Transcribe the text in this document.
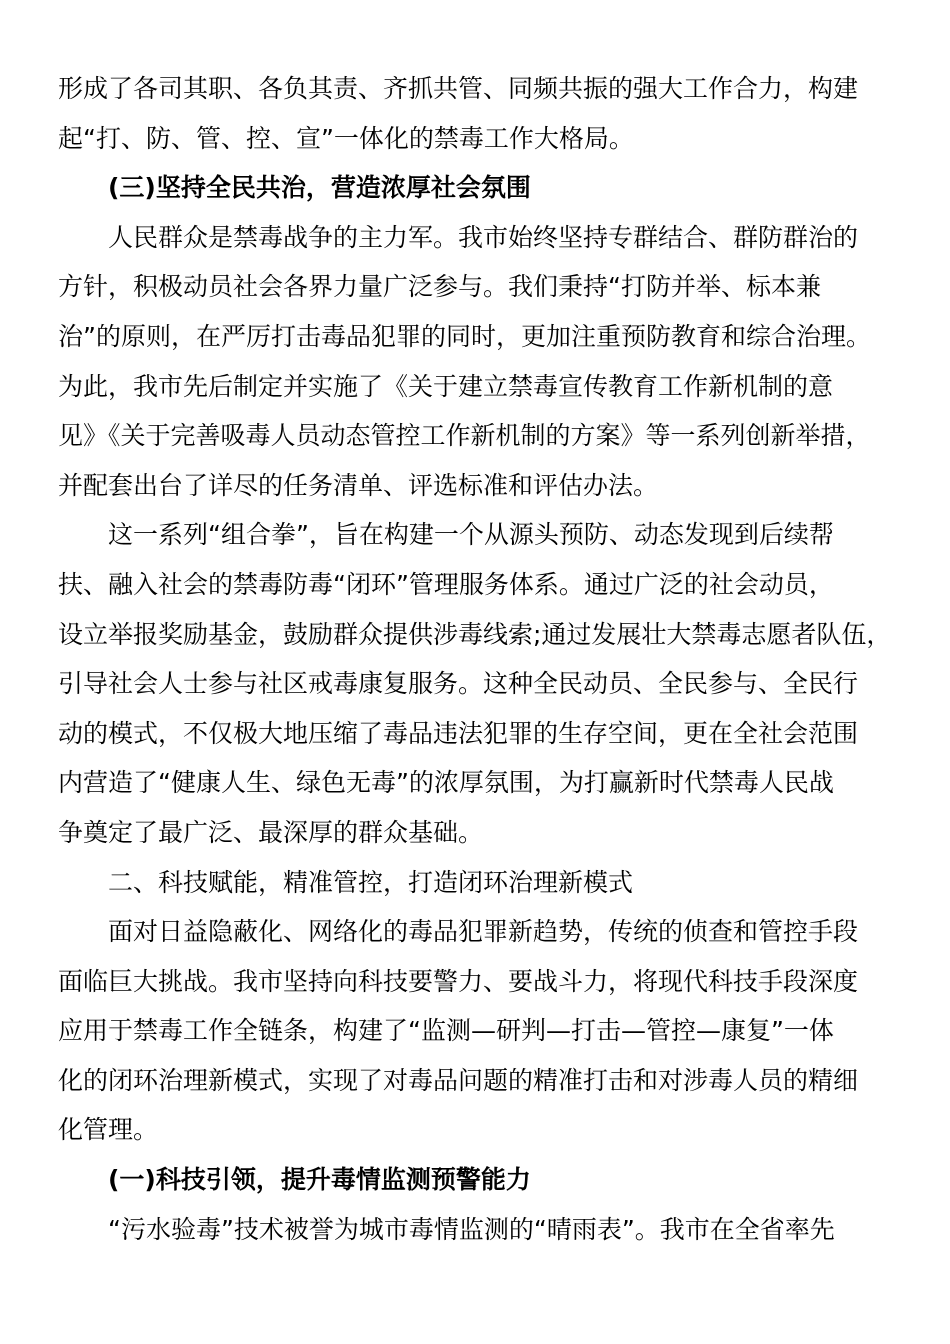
形成了各司其职、各负其责、齐抓共管、同频共振的强大工作合力，构建
起“打、防、管、控、宣”一体化的禁毒工作大格局。
(三)坚持全民共治，营造浓厚社会氛围
人民群众是禁毒战争的主力军。我市始终坚持专群结合、群防群治的
方针，积极动员社会各界力量广泛参与。我们秉持“打防并举、标本兼
治”的原则，在严厉打击毒品犯罪的同时，更加注重预防教育和综合治理。
为此，我市先后制定并实施了《关于建立禁毒宣传教育工作新机制的意
见》《关于完善吸毒人员动态管控工作新机制的方案》等一系列创新举措，
并配套出台了详尽的任务清单、评选标准和评估办法。
这一系列“组合拳”，旨在构建一个从源头预防、动态发现到后续帮
扶、融入社会的禁毒防毒“闭环”管理服务体系。通过广泛的社会动员，
设立举报奖励基金，鼓励群众提供涉毒线索;通过发展壮大禁毒志愿者队伍，
引导社会人士参与社区戒毒康复服务。这种全民动员、全民参与、全民行
动的模式，不仅极大地压缩了毒品违法犯罪的生存空间，更在全社会范围
内营造了“健康人生、绿色无毒”的浓厚氛围，为打赢新时代禁毒人民战
争奠定了最广泛、最深厚的群众基础。
二、科技赋能，精准管控，打造闭环治理新模式
面对日益隐蔽化、网络化的毒品犯罪新趋势，传统的侦查和管控手段
面临巨大挑战。我市坚持向科技要警力、要战斗力，将现代科技手段深度
应用于禁毒工作全链条，构建了“监测—研判—打击—管控—康复”一体
化的闭环治理新模式，实现了对毒品问题的精准打击和对涉毒人员的精细
化管理。
(一)科技引领，提升毒情监测预警能力
“污水验毒”技术被誉为城市毒情监测的“晴雨表”。我市在全省率先
